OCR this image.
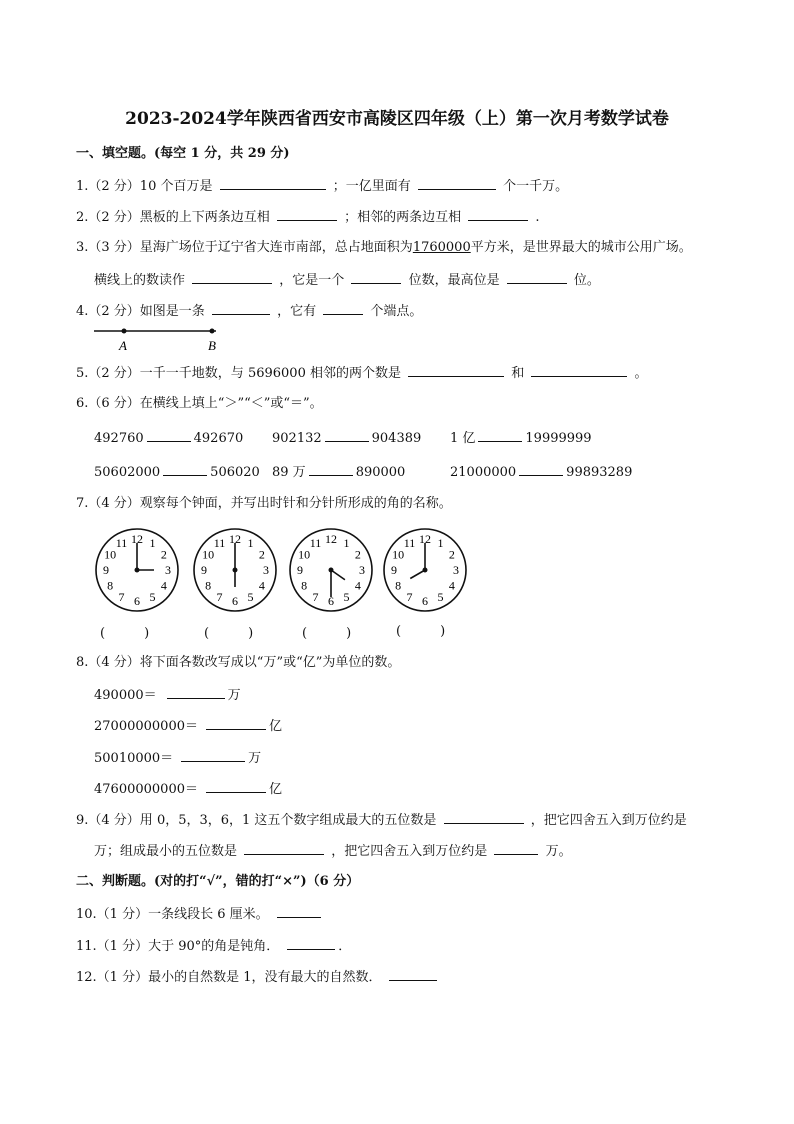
2023-2024学年陕西省西安市高陵区四年级（上）第一次月考数学试卷
一、填空题。(每空 1 分，共 29 分)
1.（2 分）10 个百万是	；一亿里面有	个一千万。
2.（2 分）黑板的上下两条边互相	；相邻的两条边互相	.
3.（3 分）星海广场位于辽宁省大连市南部，总占地面积为1760000平方米，是世界最大的城市公用广场。
横线上的数读作	，它是一个	位数，最高位是	位。
4.（2 分）如图是一条	，它有	个端点。
A	B
5.（2 分）一千一千地数，与 5696000 相邻的两个数是	和	。
6.（6 分）在横线上填上“＞”“＜”或“＝”。
492760	492670 902132	904389 1 亿	19999999
50602000	506020 89 万	890000	21000000	99893289
7.（4 分）观察每个钟面，并写出时针和分针所形成的角的名称。
12 1
2
3
4
5
6
7
8
9
10
11	12 1
2
3
4
5
6
7
8
9
10
11	12 1
2
3
4
5
6
7
8
9
10
11	12 1
2
3
4
5
6
7
8
9
10
11
(　　　)	(　　　)	(　　　)	(　　　)
8.（4 分）将下面各数改写成以“万”或“亿”为单位的数。
490000＝	万
27000000000＝	亿
50010000＝	万
47600000000＝	亿
9.（4 分）用 0，5，3，6，1 这五个数字组成最大的五位数是	，把它四舍五入到万位约是
万；组成最小的五位数是	，把它四舍五入到万位约是	万。
二、判断题。(对的打“√”，错的打“×”)（6 分）
10.（1 分）一条线段长 6 厘米。
11.（1 分）大于 90°的角是钝角．	．
12.（1 分）最小的自然数是 1，没有最大的自然数．
